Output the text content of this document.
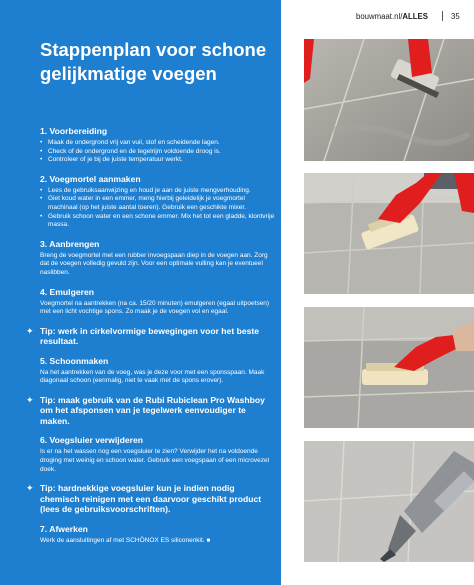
Stappenplan voor schone gelijkmatige voegen
1. Voorbereiding
• Maak de ondergrond vrij van vuil, stof en scheidende lagen.
• Check of de ondergrond en de tegelrijm voldoende droog is.
• Controleer of je bij de juiste temperatuur werkt.
2. Voegmortel aanmaken
• Lees de gebruiksaanwijzing en houd je aan de juiste mengverhouding.
• Giet koud water in een emmer, meng hierbij geleidelijk je voegmortel machinaal (op het juiste aantal toeren). Gebruik een geschikte mixer.
• Gebruik schoon water en een schone emmer. Mix het tot een gladde, klontvrije massa.
3. Aanbrengen

Breng de voegmortel met een rubber invoegspaan diep in de voegen aan. Zorg dat de voegen volledig gevuld zijn. Voor een optimale vulling kan je eventueel naslibben.

4. Emulgeren

Voegmortel na aantrekken (na ca. 15/20 minuten) emulgeren (egaal uitpoetsen) met een licht vochtige spons. Zo maak je de voegen vol en egaal.

✦ Tip: werk in cirkelvormige bewegingen voor het beste resultaat.

5. Schoonmaken

Na het aantrekken van de voeg, was je deze voor met een sponsspaan. Maak diagonaal schoon (eenmalig, niet te vaak met de spons erover).

✦ Tip: maak gebruik van de Rubi Rubiclean Pro Washboy om het afsponsen van je tegelwerk eenvoudiger te maken.

6. Voegsluier verwijderen

Is er na het wassen nog een voegsluier te zien? Verwijder het na voldoende droging met weinig en schoon water. Gebruik een voegspaan of een microvezel doek.

✦ Tip: hardnekkige voegsluier kun je indien nodig chemisch reinigen met een daarvoor geschikt product (lees de gebruiksvoorschriften).

7. Afwerken

Werk de aansluitingen af met SCHÖNOX ES siliconenkit. ■

bouwmaat.nl/ALLES	35
